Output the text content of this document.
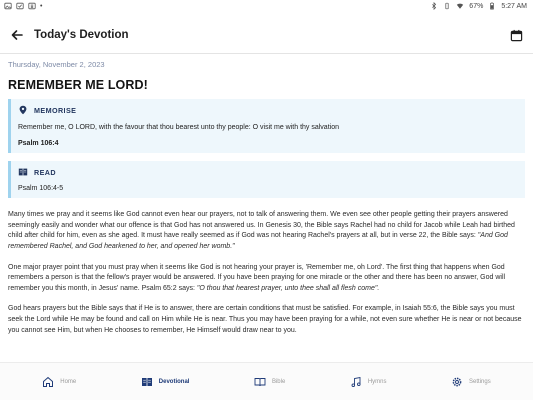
•	67%	5:27 AM
Today's Devotion
Thursday, November 2, 2023
REMEMBER ME LORD!
MEMORISE
Remember me, O LORD, with the favour that thou bearest unto thy people: O visit me with thy salvation
Psalm 106:4
READ
Psalm 106:4-5

Many times we pray and it seems like God cannot even hear our prayers, not to talk of answering them. We even see other people getting their prayers answered seemingly easily and wonder what our offence is that God has not answered us. In Genesis 30, the Bible says Rachel had no child for Jacob while Leah had birthed child after child for him, even as she aged. It must have really seemed as if God was not hearing Rachel's prayers at all, but in verse 22, the Bible says: "And God remembered Rachel, and God hearkened to her, and opened her womb."

One major prayer point that you must pray when it seems like God is not hearing your prayer is, 'Remember me, oh Lord'. The first thing that happens when God remembers a person is that the fellow's prayer would be answered. If you have been praying for one miracle or the other and there has been no answer, God will remember you this month, in Jesus' name. Psalm 65:2 says: "O thou that hearest prayer, unto thee shall all flesh come".

God hears prayers but the Bible says that if He is to answer, there are certain conditions that must be satisfied. For example, in Isaiah 55:6, the Bible says you must seek the Lord while He may be found and call on Him while He is near. Thus you may have been praying for a while, not even sure whether He is near or not because you cannot see Him, but when He chooses to remember, He Himself would draw near to you.

Home	Devotional	Bible	Hymns	Settings
